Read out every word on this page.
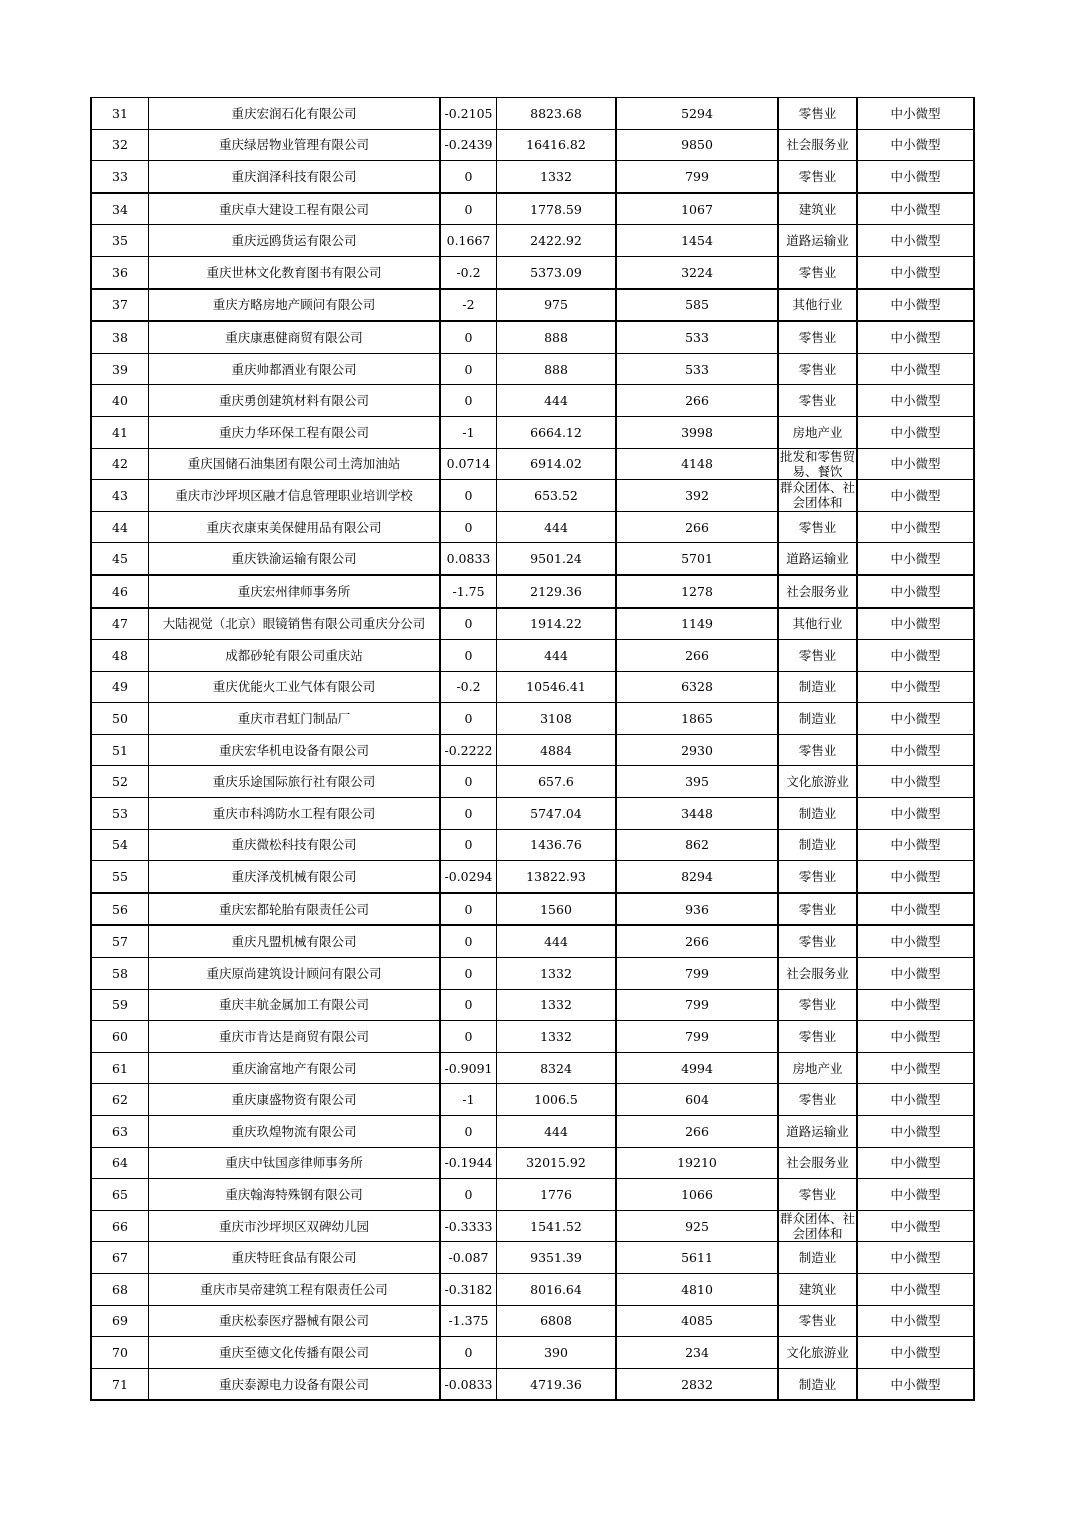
31	重庆宏润石化有限公司	-0.2105	8823.68	5294	零售业	中小微型
32	重庆绿居物业管理有限公司	-0.2439	16416.82	9850	社会服务业	中小微型
33	重庆润泽科技有限公司	0	1332	799	零售业	中小微型
34	重庆卓大建设工程有限公司	0	1778.59	1067	建筑业	中小微型
35	重庆远鸥货运有限公司	0.1667	2422.92	1454	道路运输业	中小微型
36	重庆世林文化教育图书有限公司	-0.2	5373.09	3224	零售业	中小微型
37	重庆方略房地产顾问有限公司	-2	975	585	其他行业	中小微型
38	重庆康惠健商贸有限公司	0	888	533	零售业	中小微型
39	重庆帅都酒业有限公司	0	888	533	零售业	中小微型
40	重庆勇创建筑材料有限公司	0	444	266	零售业	中小微型
41	重庆力华环保工程有限公司	-1	6664.12	3998	房地产业	中小微型
42	重庆国储石油集团有限公司土湾加油站	0.0714	6914.02	4148	批发和零售贸易、餐饮	中小微型
43	重庆市沙坪坝区融才信息管理职业培训学校	0	653.52	392	群众团体、社会团体和	中小微型
44	重庆衣康束美保健用品有限公司	0	444	266	零售业	中小微型
45	重庆铁渝运输有限公司	0.0833	9501.24	5701	道路运输业	中小微型
46	重庆宏州律师事务所	-1.75	2129.36	1278	社会服务业	中小微型
47	大陆视觉（北京）眼镜销售有限公司重庆分公司	0	1914.22	1149	其他行业	中小微型
48	成都砂轮有限公司重庆站	0	444	266	零售业	中小微型
49	重庆优能火工业气体有限公司	-0.2	10546.41	6328	制造业	中小微型
50	重庆市君虹门制品厂	0	3108	1865	制造业	中小微型
51	重庆宏华机电设备有限公司	-0.2222	4884	2930	零售业	中小微型
52	重庆乐途国际旅行社有限公司	0	657.6	395	文化旅游业	中小微型
53	重庆市科鸿防水工程有限公司	0	5747.04	3448	制造业	中小微型
54	重庆微松科技有限公司	0	1436.76	862	制造业	中小微型
55	重庆泽茂机械有限公司	-0.0294	13822.93	8294	零售业	中小微型
56	重庆宏都轮胎有限责任公司	0	1560	936	零售业	中小微型
57	重庆凡盟机械有限公司	0	444	266	零售业	中小微型
58	重庆原尚建筑设计顾问有限公司	0	1332	799	社会服务业	中小微型
59	重庆丰航金属加工有限公司	0	1332	799	零售业	中小微型
60	重庆市肯达是商贸有限公司	0	1332	799	零售业	中小微型
61	重庆渝富地产有限公司	-0.9091	8324	4994	房地产业	中小微型
62	重庆康盛物资有限公司	-1	1006.5	604	零售业	中小微型
63	重庆玖煌物流有限公司	0	444	266	道路运输业	中小微型
64	重庆中钛国彦律师事务所	-0.1944	32015.92	19210	社会服务业	中小微型
65	重庆翰海特殊钢有限公司	0	1776	1066	零售业	中小微型
66	重庆市沙坪坝区双碑幼儿园	-0.3333	1541.52	925	群众团体、社会团体和	中小微型
67	重庆特旺食品有限公司	-0.087	9351.39	5611	制造业	中小微型
68	重庆市昊帝建筑工程有限责任公司	-0.3182	8016.64	4810	建筑业	中小微型
69	重庆松泰医疗器械有限公司	-1.375	6808	4085	零售业	中小微型
70	重庆至德文化传播有限公司	0	390	234	文化旅游业	中小微型
71	重庆泰源电力设备有限公司	-0.0833	4719.36	2832	制造业	中小微型
